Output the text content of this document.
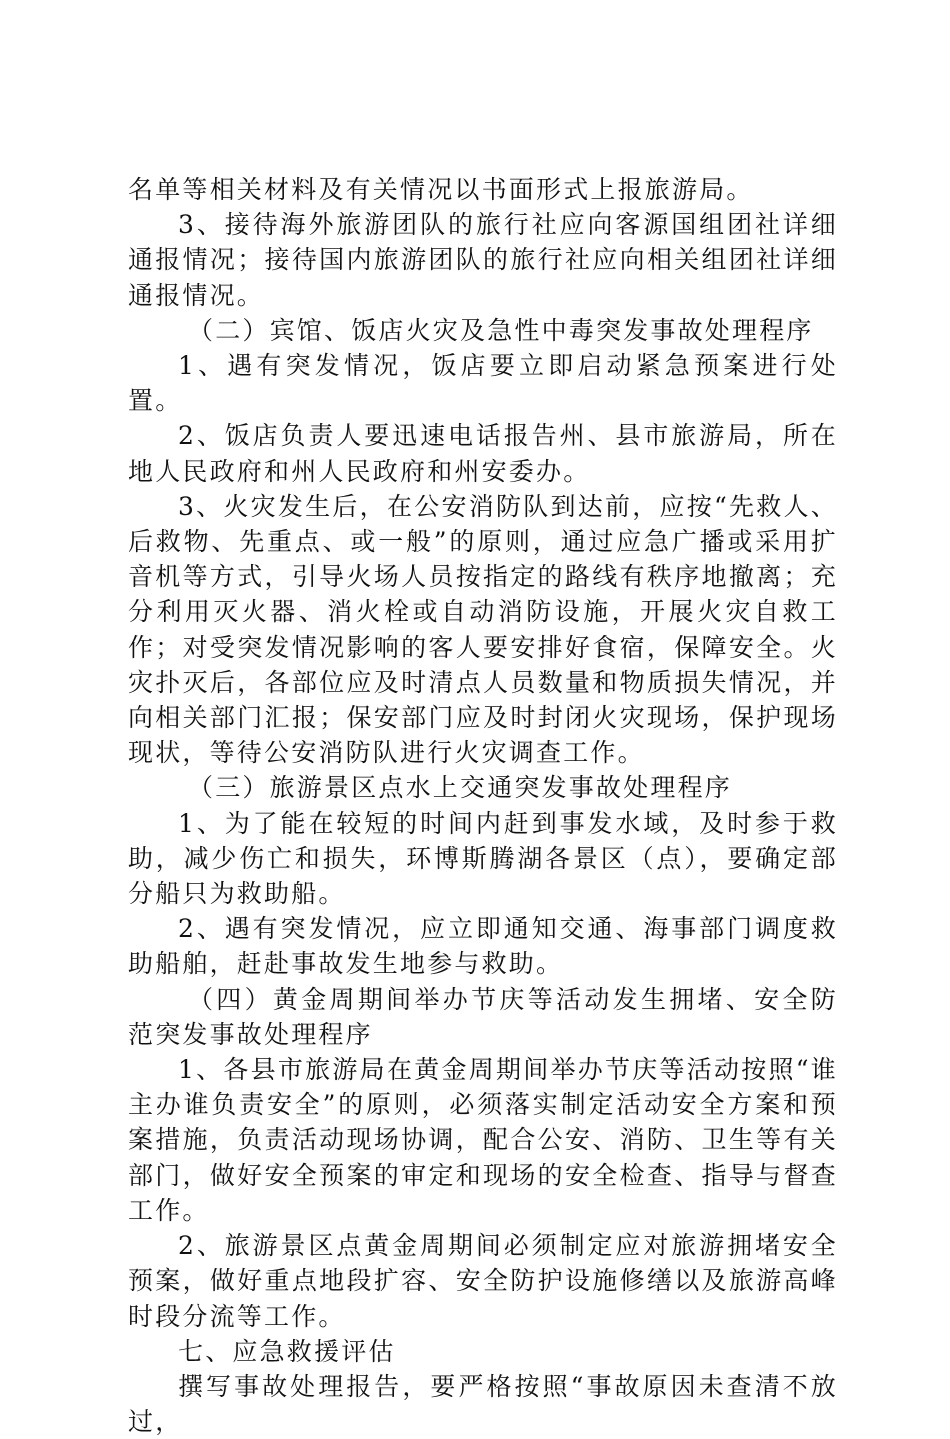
名单等相关材料及有关情况以书面形式上报旅游局。

3、接待海外旅游团队的旅行社应向客源国组团社详细通报情况；接待国内旅游团队的旅行社应向相关组团社详细通报情况。

（二）宾馆、饭店火灾及急性中毒突发事故处理程序

1、遇有突发情况，饭店要立即启动紧急预案进行处置。

2、饭店负责人要迅速电话报告州、县市旅游局，所在地人民政府和州人民政府和州安委办。

3、火灾发生后，在公安消防队到达前，应按“先救人、后救物、先重点、或一般”的原则，通过应急广播或采用扩音机等方式，引导火场人员按指定的路线有秩序地撤离；充分利用灭火器、消火栓或自动消防设施，开展火灾自救工作；对受突发情况影响的客人要安排好食宿，保障安全。火灾扑灭后，各部位应及时清点人员数量和物质损失情况，并向相关部门汇报；保安部门应及时封闭火灾现场，保护现场现状，等待公安消防队进行火灾调查工作。

（三）旅游景区点水上交通突发事故处理程序

1、为了能在较短的时间内赶到事发水域，及时参于救助，减少伤亡和损失，环博斯腾湖各景区（点），要确定部分船只为救助船。

2、遇有突发情况，应立即通知交通、海事部门调度救助船舶，赶赴事故发生地参与救助。

（四）黄金周期间举办节庆等活动发生拥堵、安全防范突发事故处理程序

1、各县市旅游局在黄金周期间举办节庆等活动按照“谁主办谁负责安全”的原则，必须落实制定活动安全方案和预案措施，负责活动现场协调，配合公安、消防、卫生等有关部门，做好安全预案的审定和现场的安全检查、指导与督查工作。

2、旅游景区点黄金周期间必须制定应对旅游拥堵安全预案，做好重点地段扩容、安全防护设施修缮以及旅游高峰时段分流等工作。

七、应急救援评估

撰写事故处理报告，要严格按照“事故原因未查清不放过，
